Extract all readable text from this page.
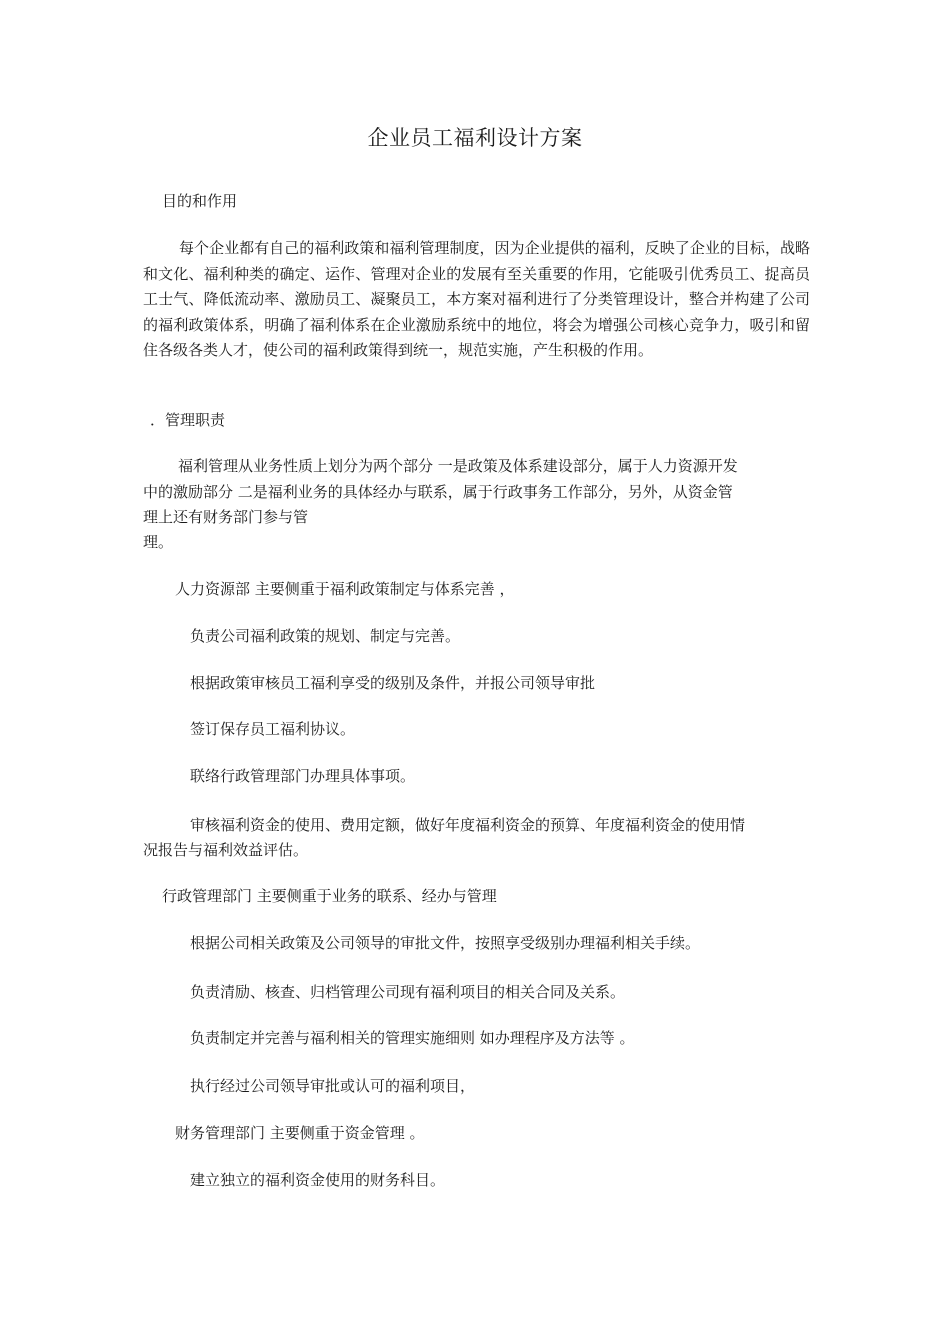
企业员工福利设计方案
目的和作用
每个企业都有自己的福利政策和福利管理制度，因为企业提供的福利，反映了企业的目标，战略和文化、福利种类的确定、运作、管理对企业的发展有至关重要的作用，它能吸引优秀员工、捉高员工士气、降低流动率、激励员工、凝聚员工，本方案对福利进行了分类管理设计，整合并构建了公司的福利政策体系，明确了福利体系在企业激励系统中的地位，将会为增强公司核心竞争力，吸引和留住各级各类人才，使公司的福利政策得到统一，规范实施，产生积极的作用。
．管理职责
福利管理从业务性质上划分为两个部分 一是政策及体系建设部分，属于人力资源开发
中的激励部分 二是福利业务的具体经办与联系，属于行政事务工作部分，另外，从资金管
理上还有财务部门参与管
理。
人力资源部 主要侧重于福利政策制定与体系完善 ，
负责公司福利政策的规划、制定与完善。
根据政策审核员工福利享受的级别及条件，并报公司领导审批
签订保存员工福利协议。
联络行政管理部门办理具体事项。
审核福利资金的使用、费用定额，做好年度福利资金的预算、年度福利资金的使用情
况报告与福利效益评估。
行政管理部门 主要侧重于业务的联系、经办与管理
根据公司相关政策及公司领导的审批文件，按照享受级别办理福利相关手续。
负责清励、核查、归档管理公司现有福利项目的相关合同及关系。
负责制定并完善与福利相关的管理实施细则 如办理程序及方法等 。
执行经过公司领导审批或认可的福利项目，
财务管理部门 主要侧重于资金管理 。
建立独立的福利资金使用的财务科目。
